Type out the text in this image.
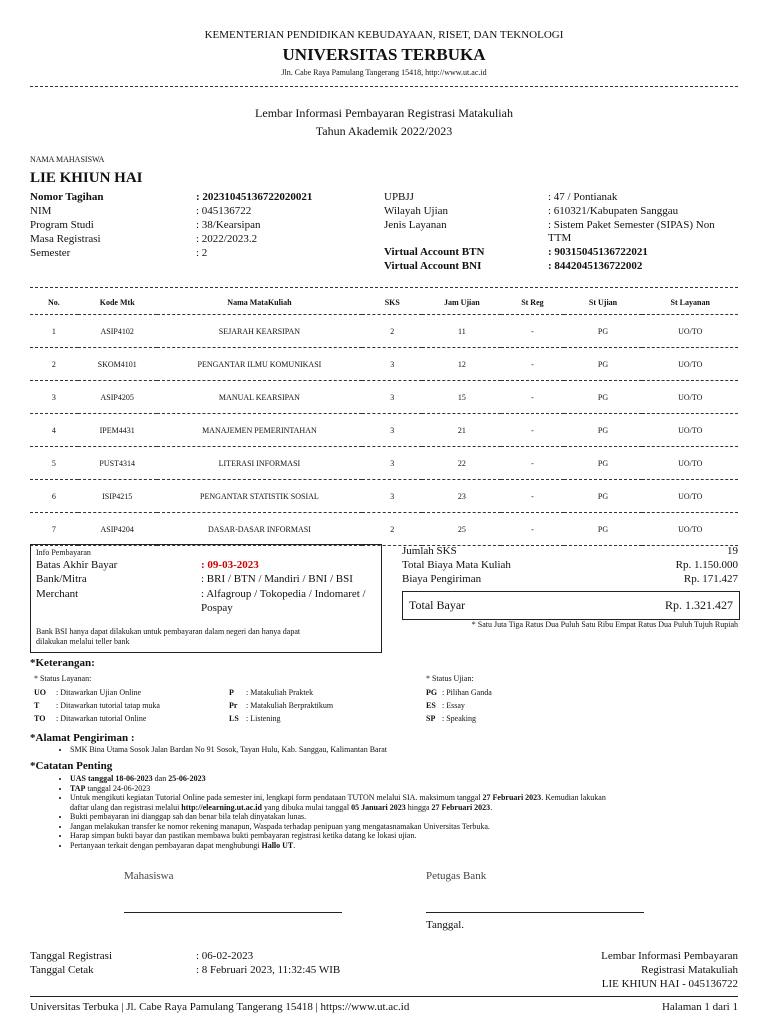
KEMENTERIAN PENDIDIKAN KEBUDAYAAN, RISET, DAN TEKNOLOGI
UNIVERSITAS TERBUKA
Jln. Cabe Raya Pamulang Tangerang 15418, http://www.ut.ac.id
Lembar Informasi Pembayaran Registrasi Matakuliah
Tahun Akademik 2022/2023
NAMA MAHASISWA
LIE KHIUN HAI
Nomor Tagihan	: 20231045136722020021
NIM	: 045136722
Program Studi	: 38/Kearsipan
Masa Registrasi	: 2022/2023.2
Semester	: 2
UPBJJ	: 47 / Pontianak
Wilayah Ujian	: 610321/Kabupaten Sanggau
Jenis Layanan	: Sistem Paket Semester (SIPAS) Non
TTM
Virtual Account BTN	: 90315045136722021
Virtual Account BNI	: 8442045136722002
No.	Kode Mtk	Nama MataKuliah	SKS	Jam Ujian	St Reg	St Ujian	St Layanan
1	ASIP4102	SEJARAH KEARSIPAN	2	11	-	PG	UO/TO
2	SKOM4101	PENGANTAR ILMU KOMUNIKASI	3	12	-	PG	UO/TO
3	ASIP4205	MANUAL KEARSIPAN	3	15	-	PG	UO/TO
4	IPEM4431	MANAJEMEN PEMERINTAHAN	3	21	-	PG	UO/TO
5	PUST4314	LITERASI INFORMASI	3	22	-	PG	UO/TO
6	ISIP4215	PENGANTAR STATISTIK SOSIAL	3	23	-	PG	UO/TO
7	ASIP4204	DASAR-DASAR INFORMASI	2	25	-	PG	UO/TO
Info Pembayaran
Batas Akhir Bayar	: 09-03-2023
Bank/Mitra	: BRI / BTN / Mandiri / BNI / BSI
Merchant	: Alfagroup / Tokopedia / Indomaret /
Pospay
Bank BSI hanya dapat dilakukan untuk pembayaran dalam negeri dan hanya dapat
dilakukan melalui teller bank
Jumlah SKS	19
Total Biaya Mata Kuliah	Rp. 1.150.000
Biaya Pengiriman	Rp. 171.427
Total Bayar	Rp. 1.321.427
* Satu Juta Tiga Ratus Dua Puluh Satu Ribu Empat Ratus Dua Puluh Tujuh Rupiah
*Keterangan:
* Status Layanan:	* Status Ujian:
UO : Ditawarkan Ujian Online
T : Ditawarkan tutorial tatap muka
TO : Ditawarkan tutorial Online
P : Matakuliah Praktek
Pr : Matakuliah Berpraktikum
LS : Listening
PG : Pilihan Ganda
ES : Essay
SP : Speaking
*Alamat Pengiriman :
• SMK Bina Utama Sosok Jalan Bardan No 91 Sosok, Tayan Hulu, Kab. Sanggau, Kalimantan Barat
*Catatan Penting
• UAS tanggal 18-06-2023 dan 25-06-2023
• TAP tanggal 24-06-2023
• Untuk mengikuti kegiatan Tutorial Online pada semester ini, lengkapi form pendataan TUTON melalui SIA. maksimum tanggal 27 Februari 2023. Kemudian lakukan
daftar ulang dan registrasi melalui http://elearning.ut.ac.id yang dibuka mulai tanggal 05 Januari 2023 hingga 27 Februari 2023.
• Bukti pembayaran ini dianggap sah dan benar bila telah dinyatakan lunas.
• Jangan melakukan transfer ke nomor rekening manapun, Waspada terhadap penipuan yang mengatasnamakan Universitas Terbuka.
• Harap simpan bukti bayar dan pastikan membawa bukti pembayaran registrasi ketika datang ke lokasi ujian.
• Pertanyaan terkait dengan pembayaran dapat menghubungi Hallo UT.
Mahasiswa	Petugas Bank
Tanggal.
Tanggal Registrasi	: 06-02-2023
Tanggal Cetak	: 8 Februari 2023, 11:32:45 WIB
Lembar Informasi Pembayaran
Registrasi Matakuliah
LIE KHIUN HAI - 045136722
Universitas Terbuka | Jl. Cabe Raya Pamulang Tangerang 15418 | https://www.ut.ac.id	Halaman 1 dari 1
